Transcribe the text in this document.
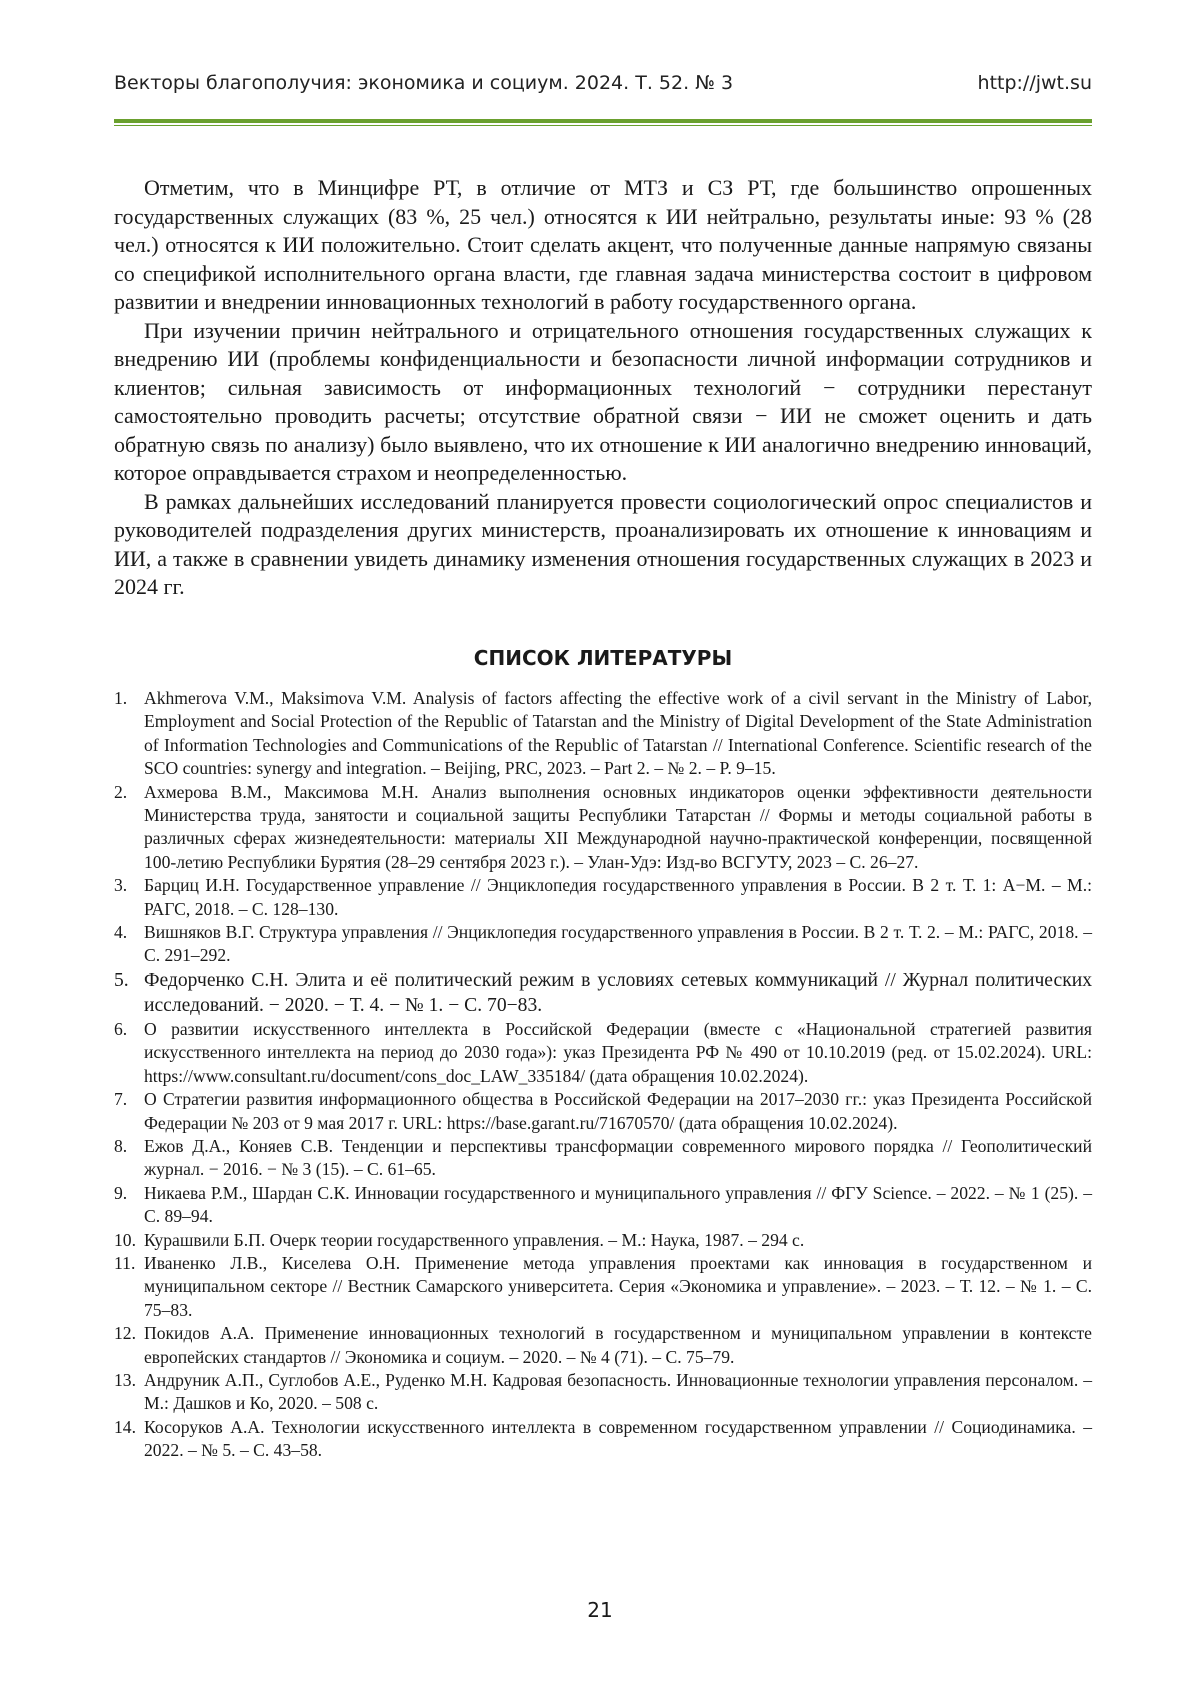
Векторы благополучия: экономика и социум. 2024. Т. 52. № 3	http://jwt.su

Отметим, что в Минцифре РТ, в отличие от МТЗ и СЗ РТ, где большинство опрошенных государственных служащих (83 %, 25 чел.) относятся к ИИ нейтрально, результаты иные: 93 % (28 чел.) относятся к ИИ положительно. Стоит сделать акцент, что полученные данные напрямую связаны со спецификой исполнительного органа власти, где главная задача министерства состоит в цифровом развитии и внедрении инновационных технологий в работу государственного органа.

При изучении причин нейтрального и отрицательного отношения государственных служащих к внедрению ИИ (проблемы конфиденциальности и безопасности личной информации сотрудников и клиентов; сильная зависимость от информационных технологий − сотрудники перестанут самостоятельно проводить расчеты; отсутствие обратной связи − ИИ не сможет оценить и дать обратную связь по анализу) было выявлено, что их отношение к ИИ аналогично внедрению инноваций, которое оправдывается страхом и неопределенностью.

В рамках дальнейших исследований планируется провести социологический опрос специалистов и руководителей подразделения других министерств, проанализировать их отношение к инновациям и ИИ, а также в сравнении увидеть динамику изменения отношения государственных служащих в 2023 и 2024 гг.

СПИСОК ЛИТЕРАТУРЫ
1. Akhmerova V.M., Maksimova V.M. Analysis of factors affecting the effective work of a civil servant in the Ministry of Labor, Employment and Social Protection of the Republic of Tatarstan and the Ministry of Digital Development of the State Administration of Information Technologies and Communications of the Republic of Tatarstan // International Conference. Scientific research of the SCO countries: synergy and integration. – Beijing, PRC, 2023. – Part 2. – № 2. – P. 9–15.
2. Ахмерова В.М., Максимова М.Н. Анализ выполнения основных индикаторов оценки эффективности деятельности Министерства труда, занятости и социальной защиты Республики Татарстан // Формы и методы социальной работы в различных сферах жизнедеятельности: материалы XII Международной научно-практической конференции, посвященной 100-летию Республики Бурятия (28–29 сентября 2023 г.). – Улан-Удэ: Изд-во ВСГУТУ, 2023 – С. 26–27.
3. Барциц И.Н. Государственное управление // Энциклопедия государственного управления в России. В 2 т. Т. 1: А−М. – М.: РАГС, 2018. – С. 128–130.
4. Вишняков В.Г. Структура управления // Энциклопедия государственного управления в России. В 2 т. Т. 2. – М.: РАГС, 2018. – С. 291–292.
5. Федорченко С.Н. Элита и её политический режим в условиях сетевых коммуникаций // Журнал политических исследований. − 2020. − Т. 4. − № 1. − С. 70−83.
6. О развитии искусственного интеллекта в Российской Федерации (вместе с «Национальной стратегией развития искусственного интеллекта на период до 2030 года»): указ Президента РФ № 490 от 10.10.2019 (ред. от 15.02.2024). URL: https://www.consultant.ru/document/cons_doc_LAW_335184/ (дата обращения 10.02.2024).
7. О Стратегии развития информационного общества в Российской Федерации на 2017–2030 гг.: указ Президента Российской Федерации № 203 от 9 мая 2017 г. URL: https://base.garant.ru/71670570/ (дата обращения 10.02.2024).
8. Ежов Д.А., Коняев С.В. Тенденции и перспективы трансформации современного мирового порядка // Геополитический журнал. − 2016. − № 3 (15). – С. 61–65.
9. Никаева Р.М., Шардан С.К. Инновации государственного и муниципального управления // ФГУ Science. – 2022. – № 1 (25). – С. 89–94.
10. Курашвили Б.П. Очерк теории государственного управления. – М.: Наука, 1987. – 294 с.
11. Иваненко Л.В., Киселева О.Н. Применение метода управления проектами как инновация в государственном и муниципальном секторе // Вестник Самарского университета. Серия «Экономика и управление». – 2023. – Т. 12. – № 1. – С. 75–83.
12. Покидов А.А. Применение инновационных технологий в государственном и муниципальном управлении в контексте европейских стандартов // Экономика и социум. – 2020. – № 4 (71). – С. 75–79.
13. Андруник А.П., Суглобов А.Е., Руденко М.Н. Кадровая безопасность. Инновационные технологии управления персоналом. – М.: Дашков и Ко, 2020. – 508 с.
14. Косоруков А.А. Технологии искусственного интеллекта в современном государственном управлении // Социодинамика. – 2022. – № 5. – С. 43–58.
21
